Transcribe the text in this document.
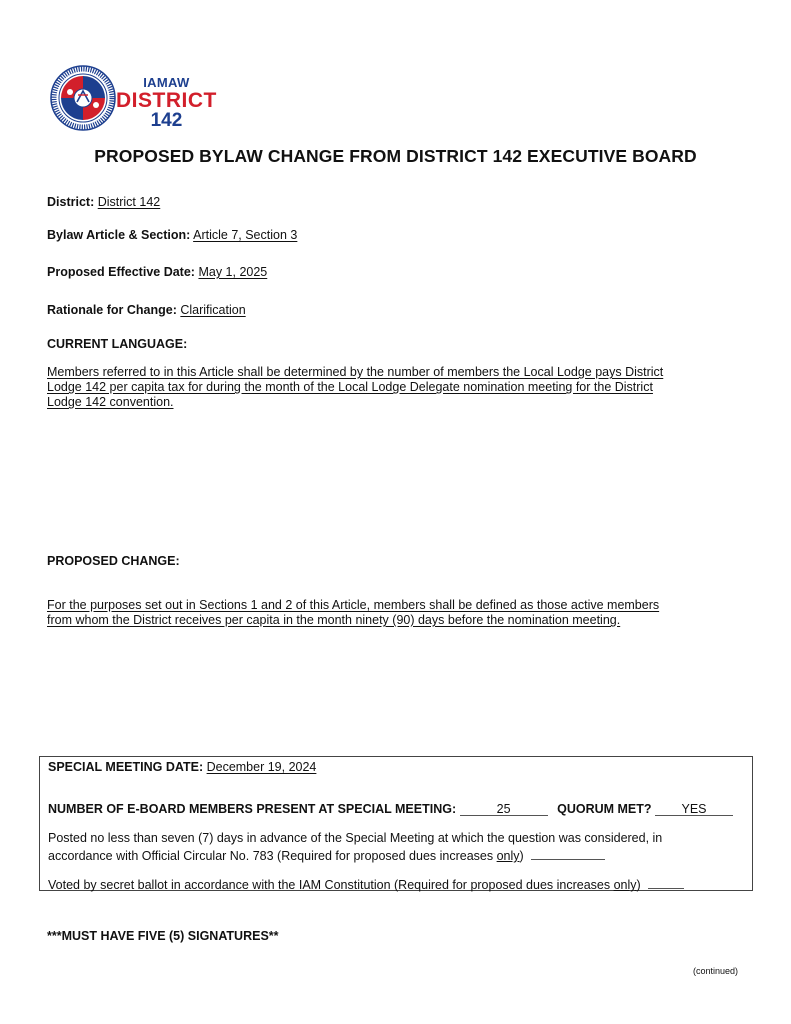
IAMAW
DISTRICT
142
PROPOSED BYLAW CHANGE FROM DISTRICT 142 EXECUTIVE BOARD
District: District 142
Bylaw Article & Section: Article 7, Section 3
Proposed Effective Date: May 1, 2025
Rationale for Change: Clarification
CURRENT LANGUAGE:
Members referred to in this Article shall be determined by the number of members the Local Lodge pays District
Lodge 142 per capita tax for during the month of the Local Lodge Delegate nomination meeting for the District
Lodge 142 convention.
PROPOSED CHANGE:
For the purposes set out in Sections 1 and 2 of this Article, members shall be defined as those active members
from whom the District receives per capita in the month ninety (90) days before the nomination meeting.
SPECIAL MEETING DATE: December 19, 2024
NUMBER OF E-BOARD MEMBERS PRESENT AT SPECIAL MEETING:	25	QUORUM MET? YES
Posted no less than seven (7) days in advance of the Special Meeting at which the question was considered, in
accordance with Official Circular No. 783 (Required for proposed dues increases only)
Voted by secret ballot in accordance with the IAM Constitution (Required for proposed dues increases only)
***MUST HAVE FIVE (5) SIGNATURES**
(continued)
